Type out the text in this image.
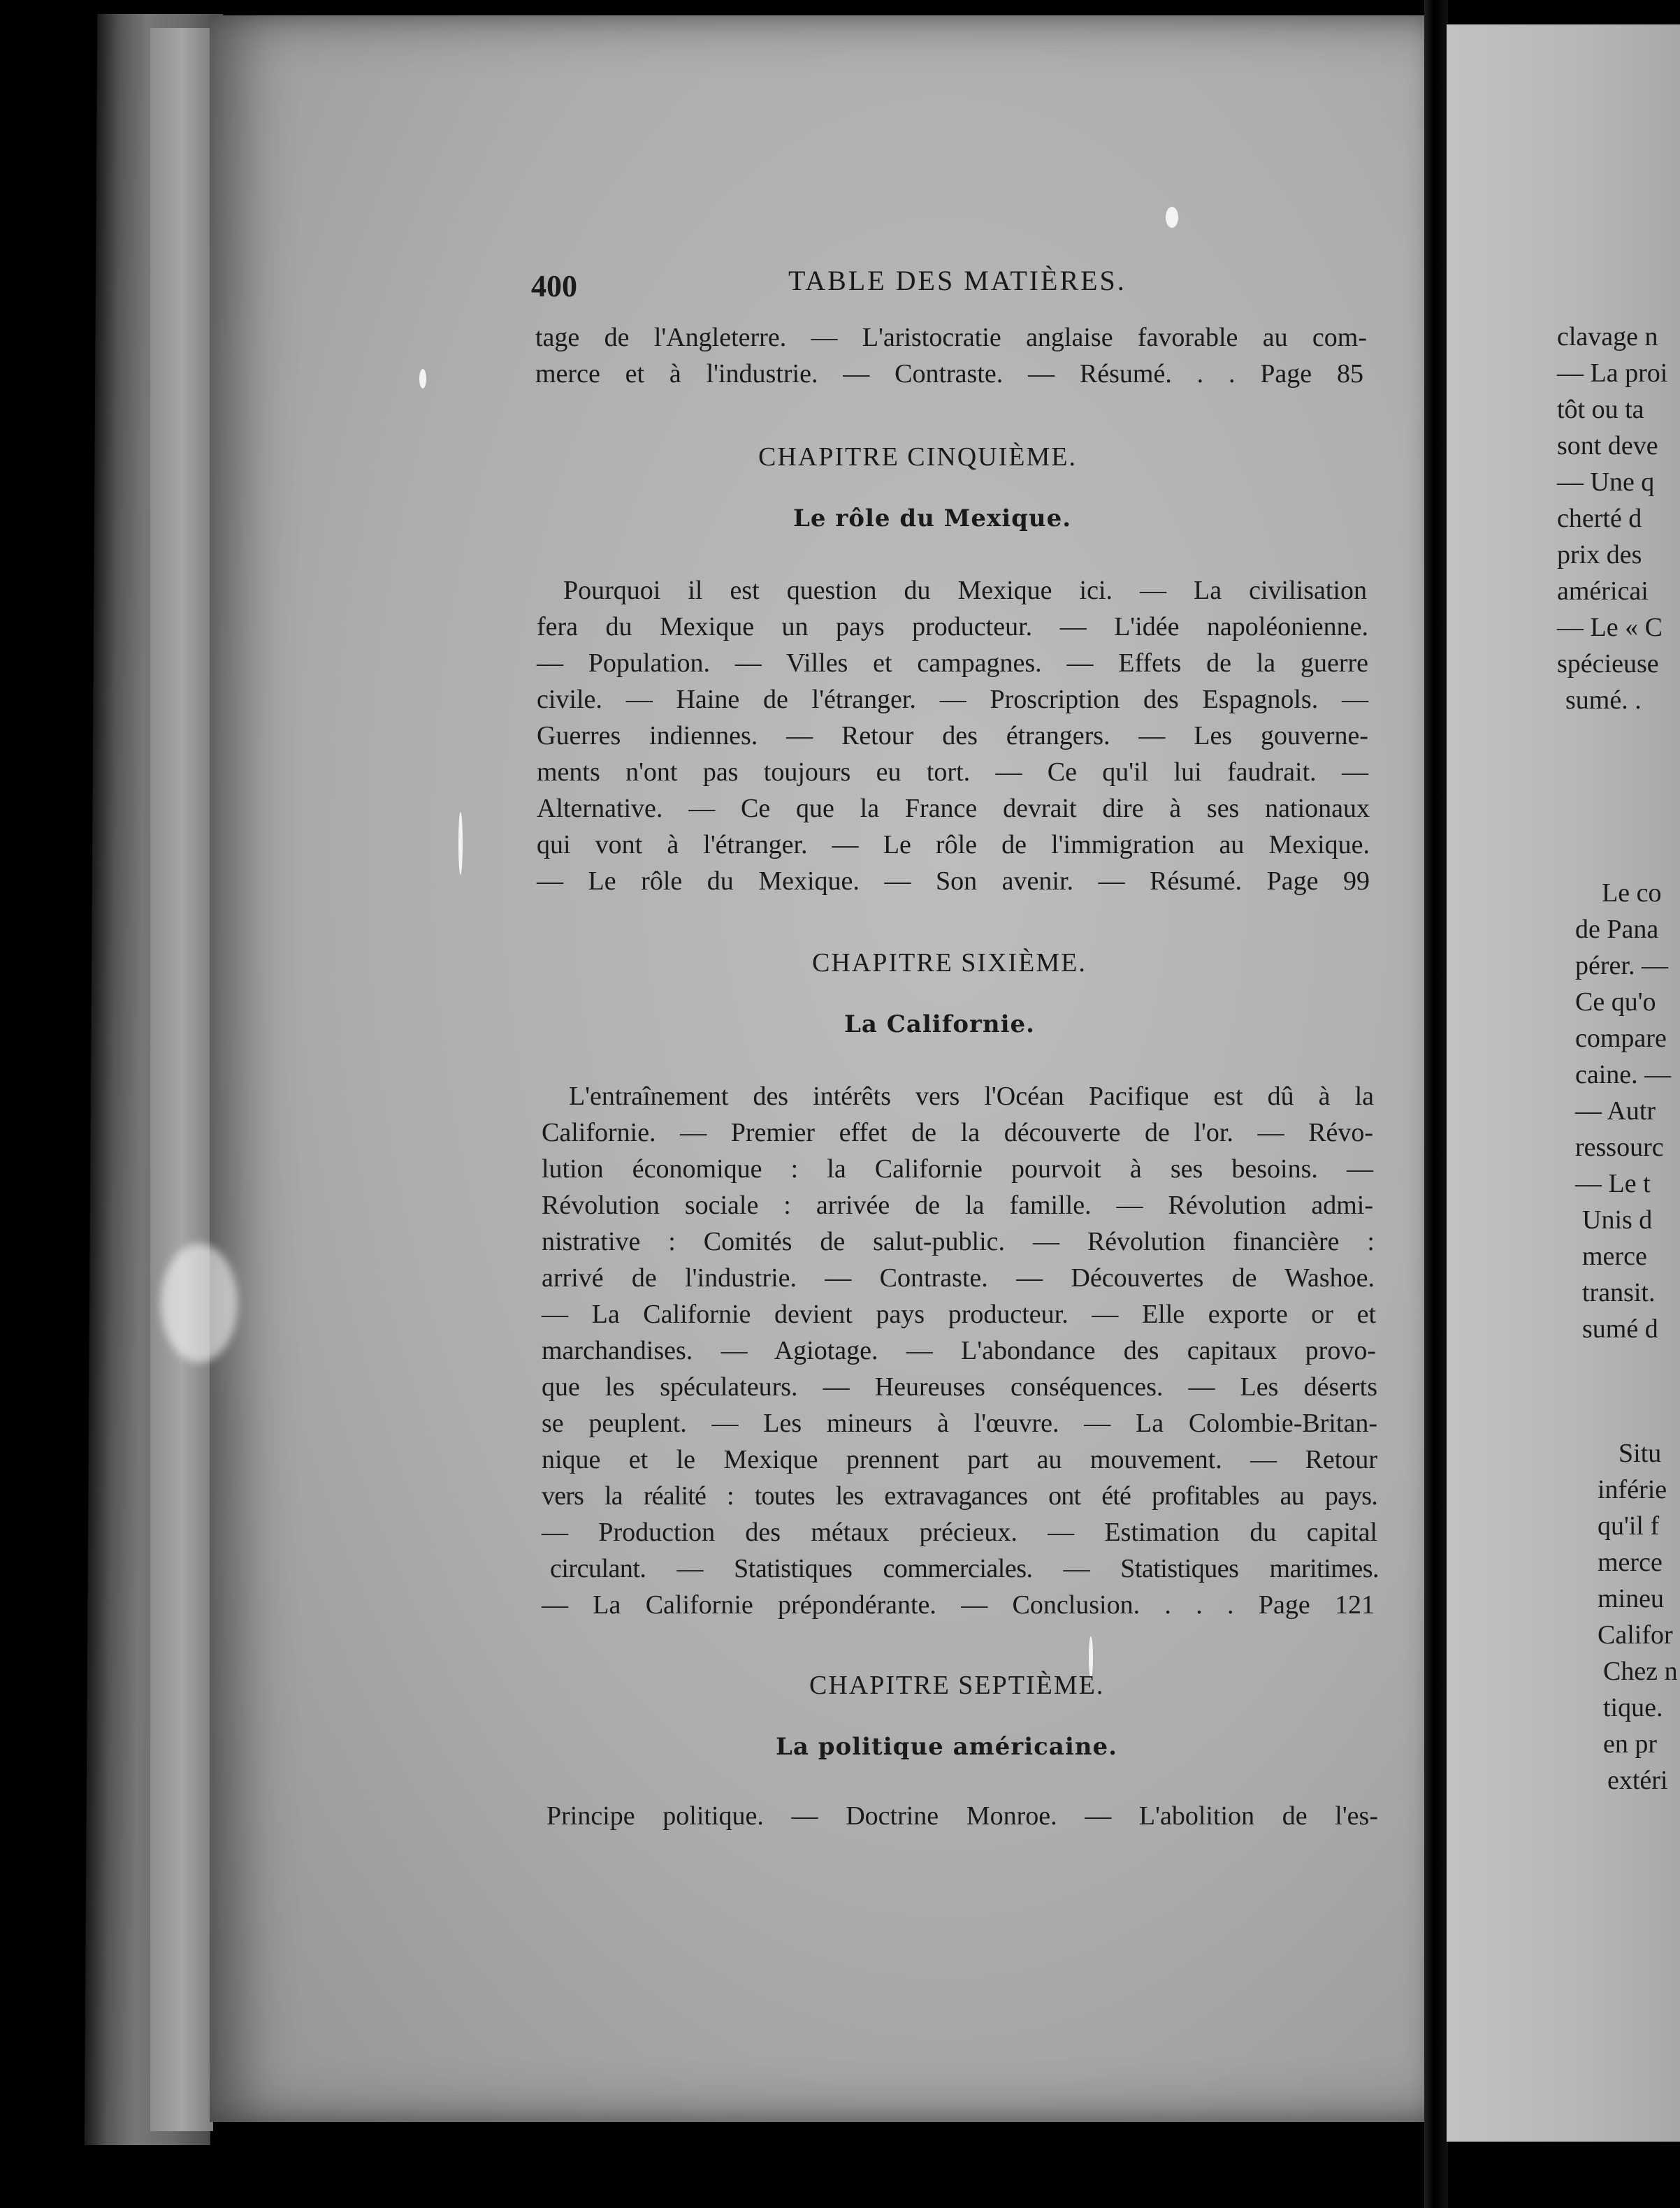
400	TABLE DES MATIÈRES.
tage de l'Angleterre. — L'aristocratie anglaise favorable au com-
merce et à l'industrie. — Contraste. — Résumé. . . Page 85
CHAPITRE CINQUIÈME.
Le rôle du Mexique.
Pourquoi il est question du Mexique ici. — La civilisation
fera du Mexique un pays producteur. — L'idée napoléonienne.
— Population. — Villes et campagnes. — Effets de la guerre
civile. — Haine de l'étranger. — Proscription des Espagnols. —
Guerres indiennes. — Retour des étrangers. — Les gouverne-
ments n'ont pas toujours eu tort. — Ce qu'il lui faudrait. —
Alternative. — Ce que la France devrait dire à ses nationaux
qui vont à l'étranger. — Le rôle de l'immigration au Mexique.
— Le rôle du Mexique. — Son avenir. — Résumé. Page 99
CHAPITRE SIXIÈME.
La Californie.
L'entraînement des intérêts vers l'Océan Pacifique est dû à la
Californie. — Premier effet de la découverte de l'or. — Révo-
lution économique : la Californie pourvoit à ses besoins. —
Révolution sociale : arrivée de la famille. — Révolution admi-
nistrative : Comités de salut-public. — Révolution financière :
arrivé de l'industrie. — Contraste. — Découvertes de Washoe.
— La Californie devient pays producteur. — Elle exporte or et
marchandises. — Agiotage. — L'abondance des capitaux provo-
que les spéculateurs. — Heureuses conséquences. — Les déserts
se peuplent. — Les mineurs à l'œuvre. — La Colombie-Britan-
nique et le Mexique prennent part au mouvement. — Retour
vers la réalité : toutes les extravagances ont été profitables au pays.
— Production des métaux précieux. — Estimation du capital
circulant. — Statistiques commerciales. — Statistiques maritimes.
— La Californie prépondérante. — Conclusion. . . . Page 121
CHAPITRE SEPTIÈME.
La politique américaine.
Principe politique. — Doctrine Monroe. — L'abolition de l'es-
clavage n
— La proi
tôt ou ta
sont deve
— Une q
cherté d
prix des
américai
— Le « C
spécieuse
sumé. .
Le co
de Pana
pérer. —
Ce qu'o
compare
caine. —
— Autr
ressourc
— Le t
Unis d
merce
transit.
sumé d
Situ
inférie
qu'il f
merce
mineu
Califor
Chez n
tique.
en pr
extéri
